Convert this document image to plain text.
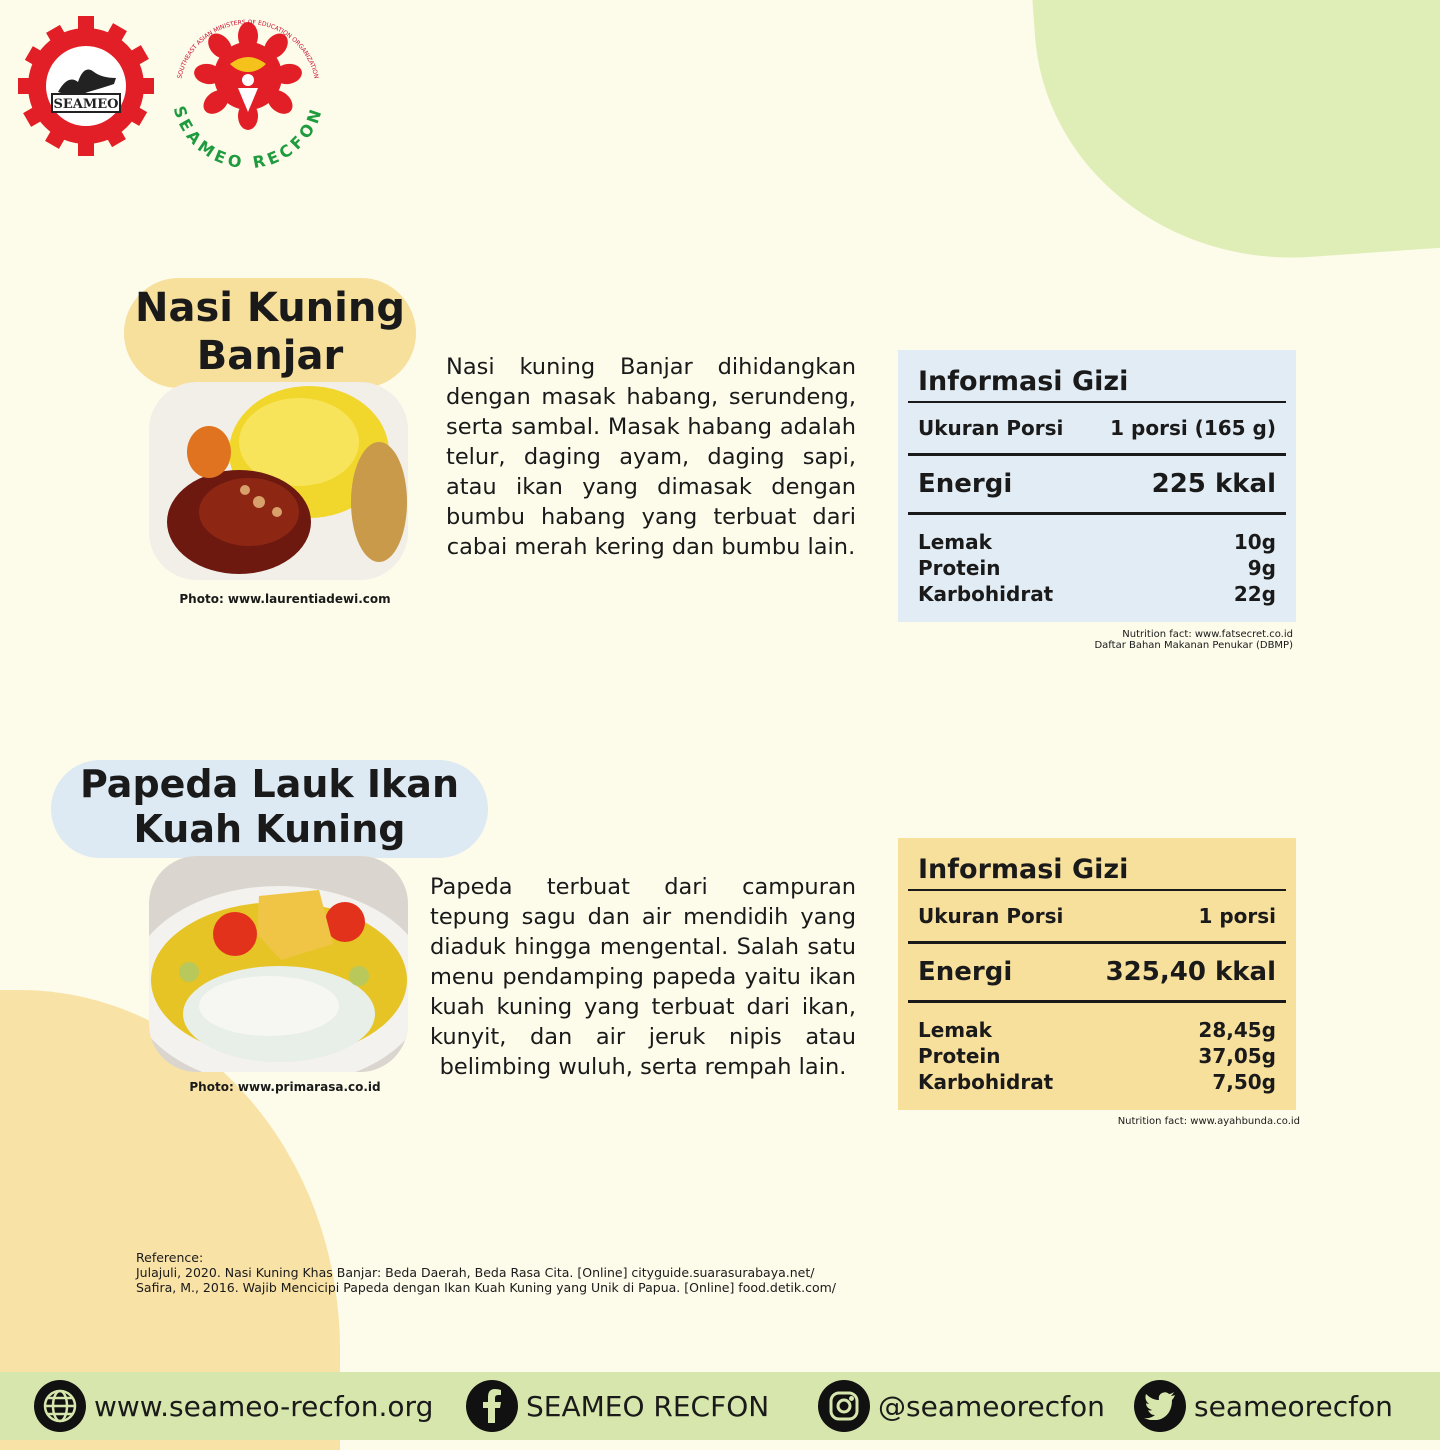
SEAMEO
SOUTHEAST ASIAN MINISTERS OF EDUCATION ORGANIZATION
SEAMEO RECFON
Nasi Kuning
Banjar
Photo: www.laurentiadewi.com
Nasi kuning Banjar dihidangkan dengan masak habang, serundeng, serta sambal. Masak habang adalah telur, daging ayam, daging sapi, atau ikan yang dimasak dengan bumbu habang yang terbuat dari cabai merah kering dan bumbu lain.
Informasi Gizi
Ukuran Porsi 1 porsi (165 g)
Energi	225 kkal
Lemak	10g
Protein	9g
Karbohidrat	22g
Nutrition fact: www.fatsecret.co.id
Daftar Bahan Makanan Penukar (DBMP)
Papeda Lauk Ikan
Kuah Kuning
Photo: www.primarasa.co.id
Papeda terbuat dari campuran tepung sagu dan air mendidih yang diaduk hingga mengental. Salah satu menu pendamping papeda yaitu ikan kuah kuning yang terbuat dari ikan, kunyit, dan air jeruk nipis atau belimbing wuluh, serta rempah lain.
Informasi Gizi
Ukuran Porsi	1 porsi
Energi	325,40 kkal
Lemak	28,45g
Protein	37,05g
Karbohidrat	7,50g
Nutrition fact: www.ayahbunda.co.id
Reference:
Julajuli, 2020. Nasi Kuning Khas Banjar: Beda Daerah, Beda Rasa Cita. [Online] cityguide.suarasurabaya.net/
Safira, M., 2016. Wajib Mencicipi Papeda dengan Ikan Kuah Kuning yang Unik di Papua. [Online] food.detik.com/
www.seameo-recfon.org	SEAMEO RECFON	@seameorecfon	seameorecfon
